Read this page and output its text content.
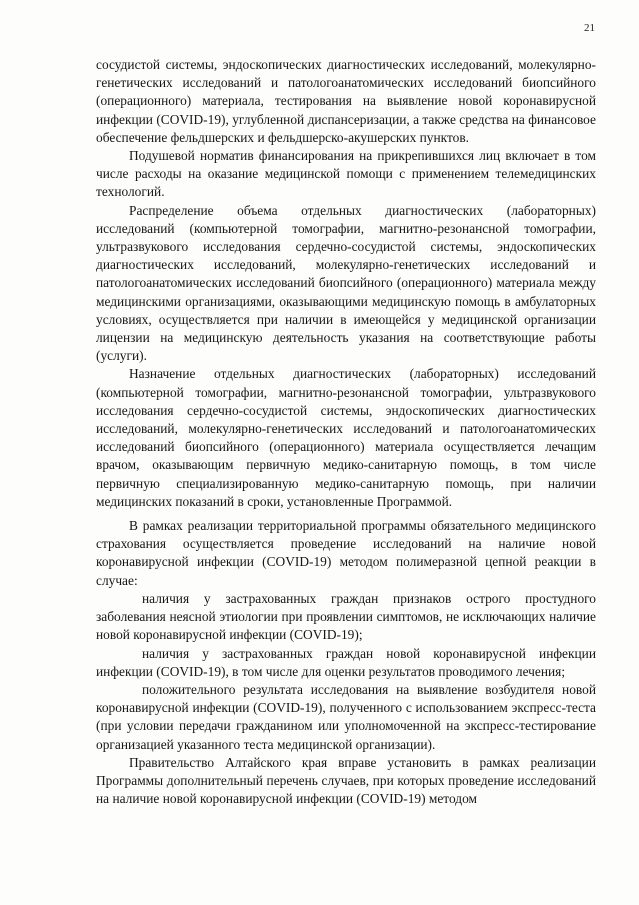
21

сосудистой системы, эндоскопических диагностических исследований, молекулярно-генетических исследований и патологоанатомических исследований биопсийного (операционного) материала, тестирования на выявление новой коронавирусной инфекции (COVID-19), углубленной диспансеризации, а также средства на финансовое обеспечение фельдшерских и фельдшерско-акушерских пунктов.

Подушевой норматив финансирования на прикрепившихся лиц включает в том числе расходы на оказание медицинской помощи с применением телемедицинских технологий.

Распределение объема отдельных диагностических (лабораторных) исследований (компьютерной томографии, магнитно-резонансной томографии, ультразвукового исследования сердечно-сосудистой системы, эндоскопических диагностических исследований, молекулярно-генетических исследований и патологоанатомических исследований биопсийного (операционного) материала между медицинскими организациями, оказывающими медицинскую помощь в амбулаторных условиях, осуществляется при наличии в имеющейся у медицинской организации лицензии на медицинскую деятельность указания на соответствующие работы (услуги).

Назначение отдельных диагностических (лабораторных) исследований (компьютерной томографии, магнитно-резонансной томографии, ультразвукового исследования сердечно-сосудистой системы, эндоскопических диагностических исследований, молекулярно-генетических исследований и патологоанатомических исследований биопсийного (операционного) материала осуществляется лечащим врачом, оказывающим первичную медико-санитарную помощь, в том числе первичную специализированную медико-санитарную помощь, при наличии медицинских показаний в сроки, установленные Программой.

В рамках реализации территориальной программы обязательного медицинского страхования осуществляется проведение исследований на наличие новой коронавирусной инфекции (COVID-19) методом полимеразной цепной реакции в случае:

наличия у застрахованных граждан признаков острого простудного заболевания неясной этиологии при проявлении симптомов, не исключающих наличие новой коронавирусной инфекции (COVID-19);

наличия у застрахованных граждан новой коронавирусной инфекции инфекции (COVID-19), в том числе для оценки результатов проводимого лечения;

положительного результата исследования на выявление возбудителя новой коронавирусной инфекции (COVID-19), полученного с использованием экспресс-теста (при условии передачи гражданином или уполномоченной на экспресс-тестирование организацией указанного теста медицинской организации).

Правительство Алтайского края вправе установить в рамках реализации Программы дополнительный перечень случаев, при которых проведение исследований на наличие новой коронавирусной инфекции (COVID-19) методом
